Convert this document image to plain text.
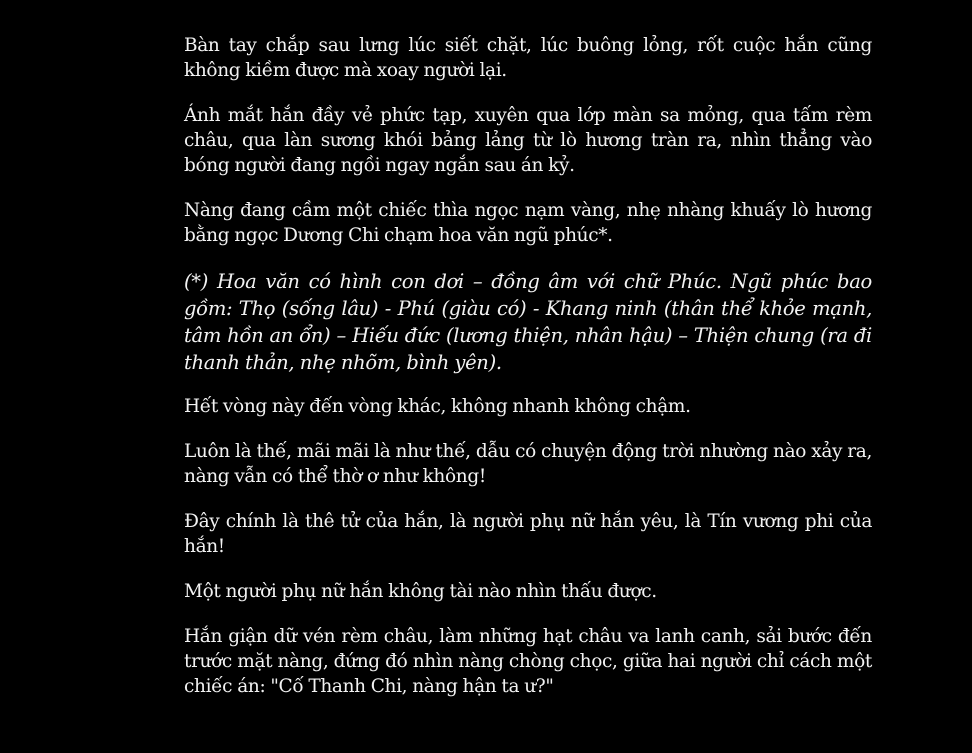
Bàn tay chắp sau lưng lúc siết chặt, lúc buông lỏng, rốt cuộc hắn cũng không kiềm được mà xoay người lại.

Ánh mắt hắn đầy vẻ phức tạp, xuyên qua lớp màn sa mỏng, qua tấm rèm châu, qua làn sương khói bảng lảng từ lò hương tràn ra, nhìn thẳng vào bóng người đang ngồi ngay ngắn sau án kỷ.

Nàng đang cầm một chiếc thìa ngọc nạm vàng, nhẹ nhàng khuấy lò hương bằng ngọc Dương Chi chạm hoa văn ngũ phúc*.

(*) Hoa văn có hình con dơi – đồng âm với chữ Phúc. Ngũ phúc bao gồm: Thọ (sống lâu) - Phú (giàu có) - Khang ninh (thân thể khỏe mạnh, tâm hồn an ổn) – Hiếu đức (lương thiện, nhân hậu) – Thiện chung (ra đi thanh thản, nhẹ nhõm, bình yên).

Hết vòng này đến vòng khác, không nhanh không chậm.

Luôn là thế, mãi mãi là như thế, dẫu có chuyện động trời nhường nào xảy ra, nàng vẫn có thể thờ ơ như không!

Đây chính là thê tử của hắn, là người phụ nữ hắn yêu, là Tín vương phi của hắn!

Một người phụ nữ hắn không tài nào nhìn thấu được.

Hắn giận dữ vén rèm châu, làm những hạt châu va lanh canh, sải bước đến trước mặt nàng, đứng đó nhìn nàng chòng chọc, giữa hai người chỉ cách một chiếc án: "Cố Thanh Chi, nàng hận ta ư?"
